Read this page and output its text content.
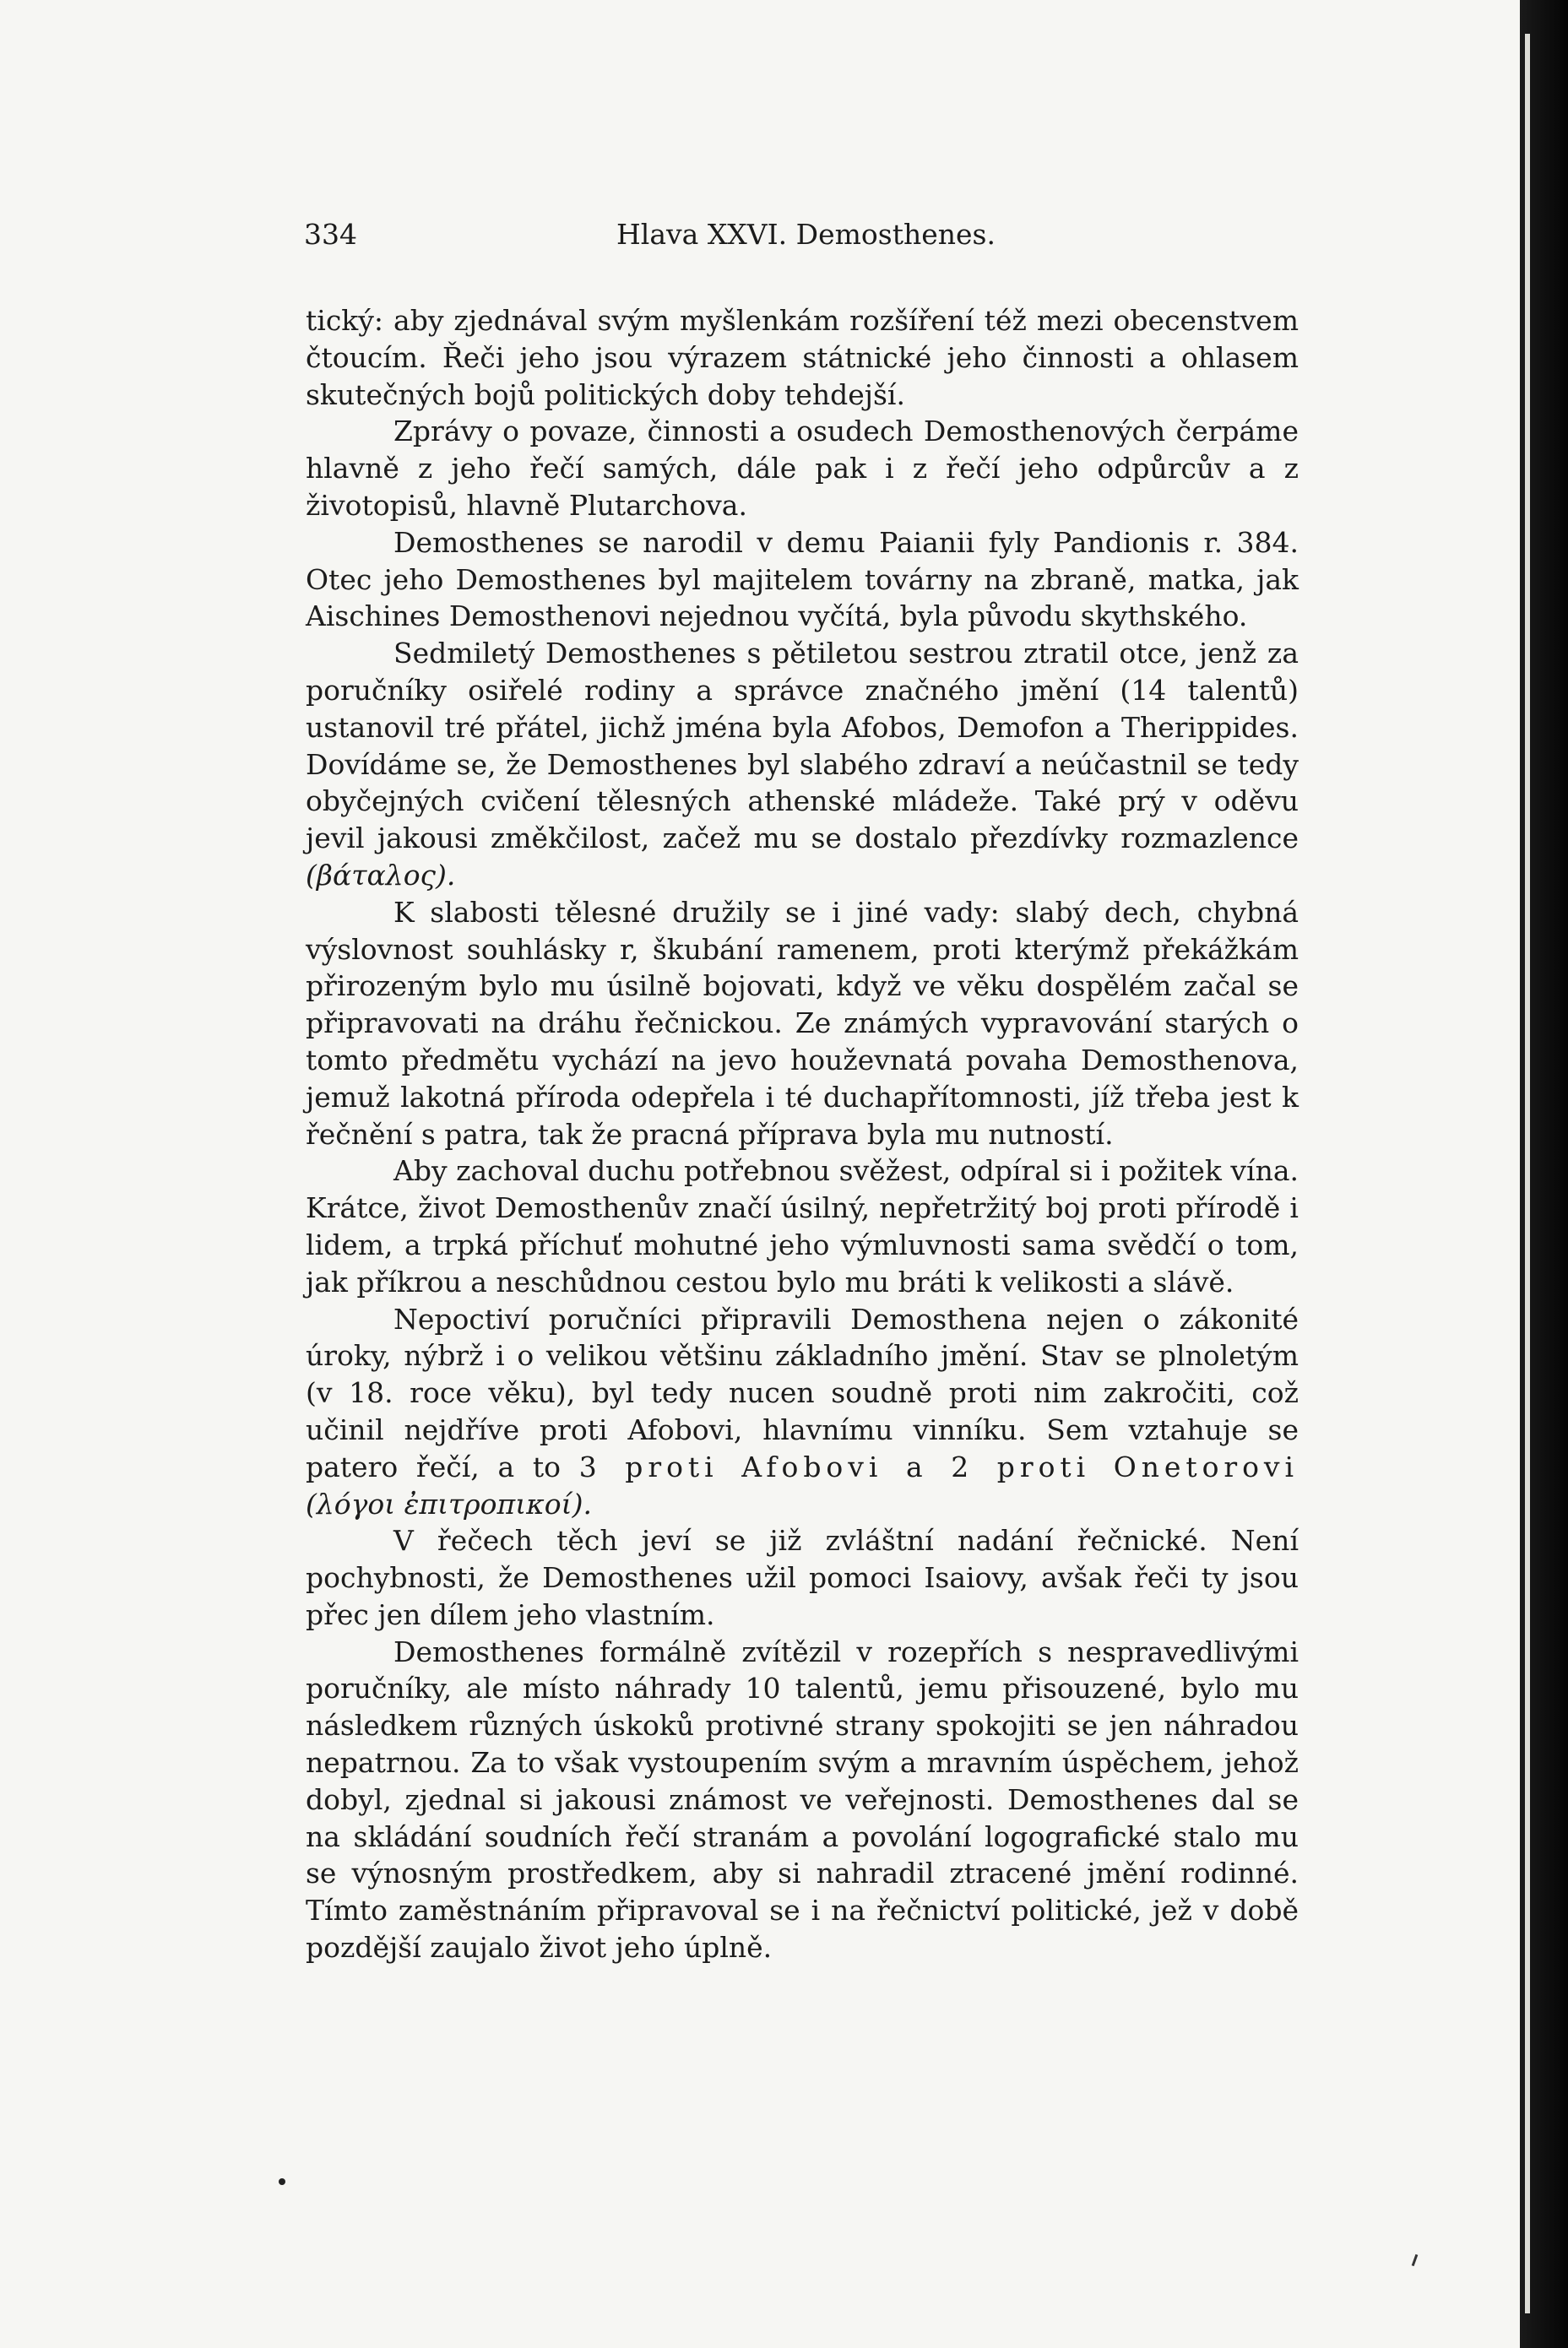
334	Hlava XXVI. Demosthenes.

tický: aby zjednával svým myšlenkám rozšíření též mezi obecenstvem čtoucím. Řeči jeho jsou výrazem státnické jeho činnosti a ohlasem skutečných bojů politických doby tehdejší.

Zprávy o povaze, činnosti a osudech Demosthenových čerpáme hlavně z jeho řečí samých, dále pak i z řečí jeho odpůrcův a z životopisů, hlavně Plutarchova.

Demosthenes se narodil v demu Paianii fyly Pandionis r. 384. Otec jeho Demosthenes byl majitelem továrny na zbraně, matka, jak Aischines Demosthenovi nejednou vyčítá, byla původu skythského.

Sedmiletý Demosthenes s pětiletou sestrou ztratil otce, jenž za poručníky osiřelé rodiny a správce značného jmění (14 talentů) ustanovil tré přátel, jichž jména byla Afobos, Demofon a Therippides. Dovídáme se, že Demosthenes byl slabého zdraví a neúčastnil se tedy obyčejných cvičení tělesných athenské mládeže. Také prý v oděvu jevil jakousi změkčilost, začež mu se dostalo přezdívky rozmazlence (βάταλος).

K slabosti tělesné družily se i jiné vady: slabý dech, chybná výslovnost souhlásky r, škubání ramenem, proti kterýmž překážkám přirozeným bylo mu úsilně bojovati, když ve věku dospělém začal se připravovati na dráhu řečnickou. Ze známých vypravování starých o tomto předmětu vychází na jevo houževnatá povaha Demosthenova, jemuž lakotná příroda odepřela i té duchapřítomnosti, jíž třeba jest k řečnění s patra, tak že pracná příprava byla mu nutností.

Aby zachoval duchu potřebnou svěžest, odpíral si i požitek vína. Krátce, život Demosthenův značí úsilný, nepřetržitý boj proti přírodě i lidem, a trpká příchuť mohutné jeho výmluvnosti sama svědčí o tom, jak příkrou a neschůdnou cestou bylo mu bráti k velikosti a slávě.

Nepoctiví poručníci připravili Demosthena nejen o zákonité úroky, nýbrž i o velikou většinu základního jmění. Stav se plnoletým (v 18. roce věku), byl tedy nucen soudně proti nim zakročiti, což učinil nejdříve proti Afobovi, hlavnímu vinníku. Sem vztahuje se patero řečí, a to 3 proti Afobovi a 2 proti Onetorovi (λόγοι ἐπιτροπικοί).

V řečech těch jeví se již zvláštní nadání řečnické. Není pochybnosti, že Demosthenes užil pomoci Isaiovy, avšak řeči ty jsou přec jen dílem jeho vlastním.

Demosthenes formálně zvítězil v rozepřích s nespravedlivými poručníky, ale místo náhrady 10 talentů, jemu přisouzené, bylo mu následkem různých úskoků protivné strany spokojiti se jen náhradou nepatrnou. Za to však vystoupením svým a mravním úspěchem, jehož dobyl, zjednal si jakousi známost ve veřejnosti. Demosthenes dal se na skládání soudních řečí stranám a povolání logografické stalo mu se výnosným prostředkem, aby si nahradil ztracené jmění rodinné. Tímto zaměstnáním připravoval se i na řečnictví politické, jež v době pozdější zaujalo život jeho úplně.
